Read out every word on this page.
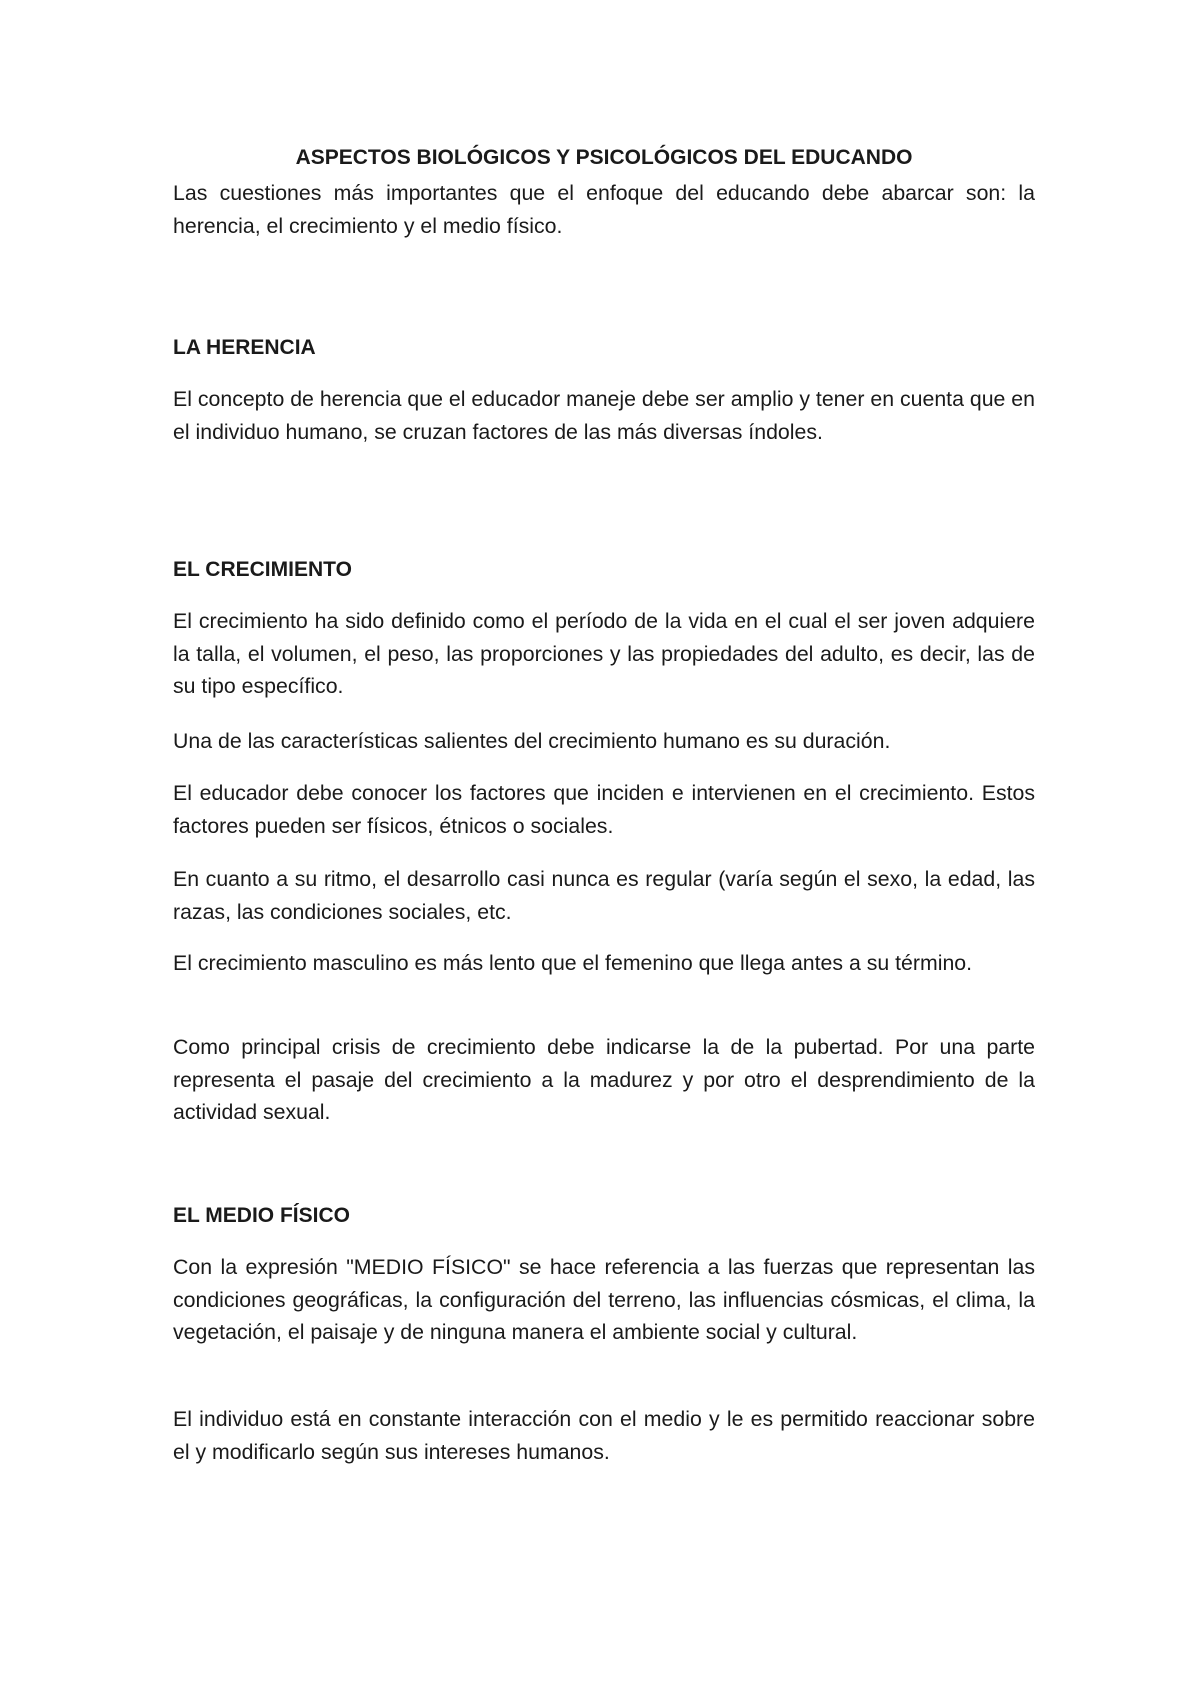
ASPECTOS BIOLÓGICOS Y PSICOLÓGICOS DEL EDUCANDO

Las cuestiones más importantes que el enfoque del educando debe abarcar son: la herencia, el crecimiento y el medio físico.

LA HERENCIA

El concepto de herencia que el educador maneje debe ser amplio y tener en cuenta que en el individuo humano, se cruzan factores de las más diversas índoles.

EL CRECIMIENTO

El crecimiento ha sido definido como el período de la vida en el cual el ser joven adquiere la talla, el volumen, el peso, las proporciones y las propiedades del adulto, es decir, las de su tipo específico.

Una de las características salientes del crecimiento humano es su duración.

El educador debe conocer los factores que inciden e intervienen en el crecimiento. Estos factores pueden ser físicos, étnicos o sociales.

En cuanto a su ritmo, el desarrollo casi nunca es regular (varía según el sexo, la edad, las razas, las condiciones sociales, etc.

El crecimiento masculino es más lento que el femenino que llega antes a su término.

Como principal crisis de crecimiento debe indicarse la de la pubertad. Por una parte representa el pasaje del crecimiento a la madurez y por otro el desprendimiento de la actividad sexual.

EL MEDIO FÍSICO

Con la expresión "MEDIO FÍSICO" se hace referencia a las fuerzas que representan las condiciones geográficas, la configuración del terreno, las influencias cósmicas, el clima, la vegetación, el paisaje y de ninguna manera el ambiente social y cultural.

El individuo está en constante interacción con el medio y le es permitido reaccionar sobre el y modificarlo según sus intereses humanos.
